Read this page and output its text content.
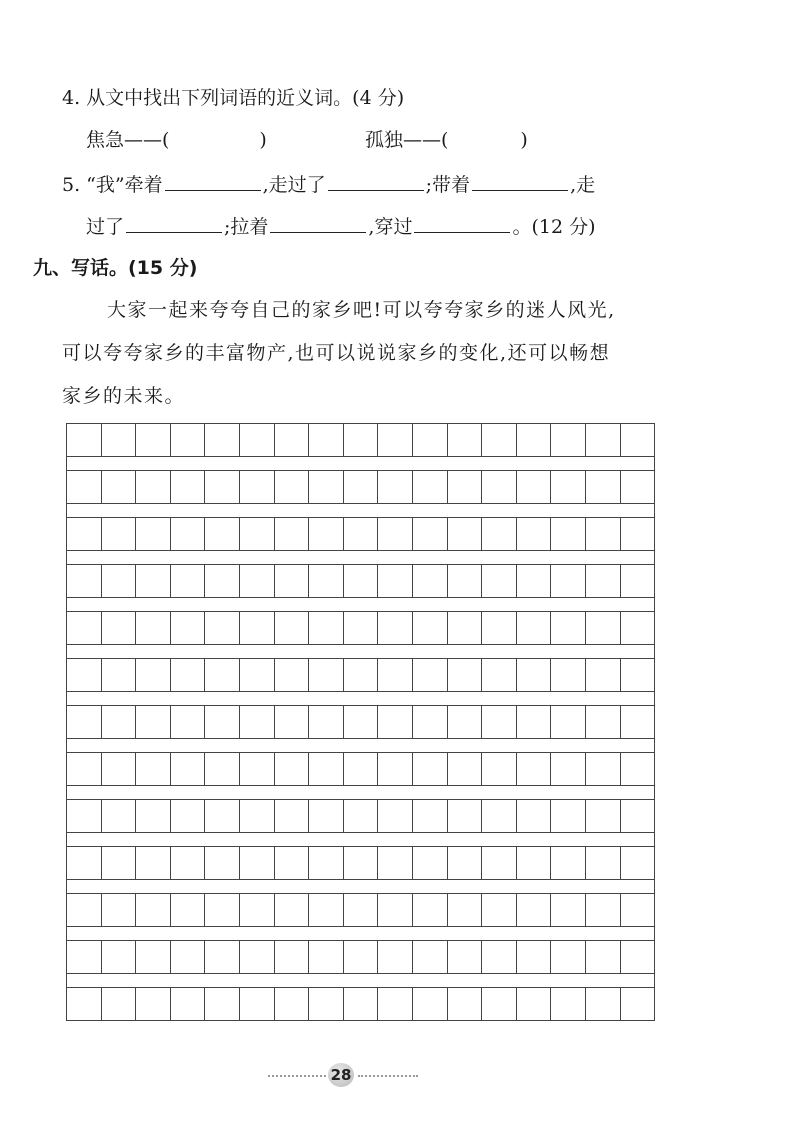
4. 从文中找出下列词语的近义词。(4 分)
焦急——(	)	孤独——(	)
5. “我”牵着	,走过了	;带着	,走
过了	;拉着	,穿过	。(12 分)
九、写话。(15 分)
大家一起来夸夸自己的家乡吧!可以夸夸家乡的迷人风光,
可以夸夸家乡的丰富物产,也可以说说家乡的变化,还可以畅想
家乡的未来。
28
